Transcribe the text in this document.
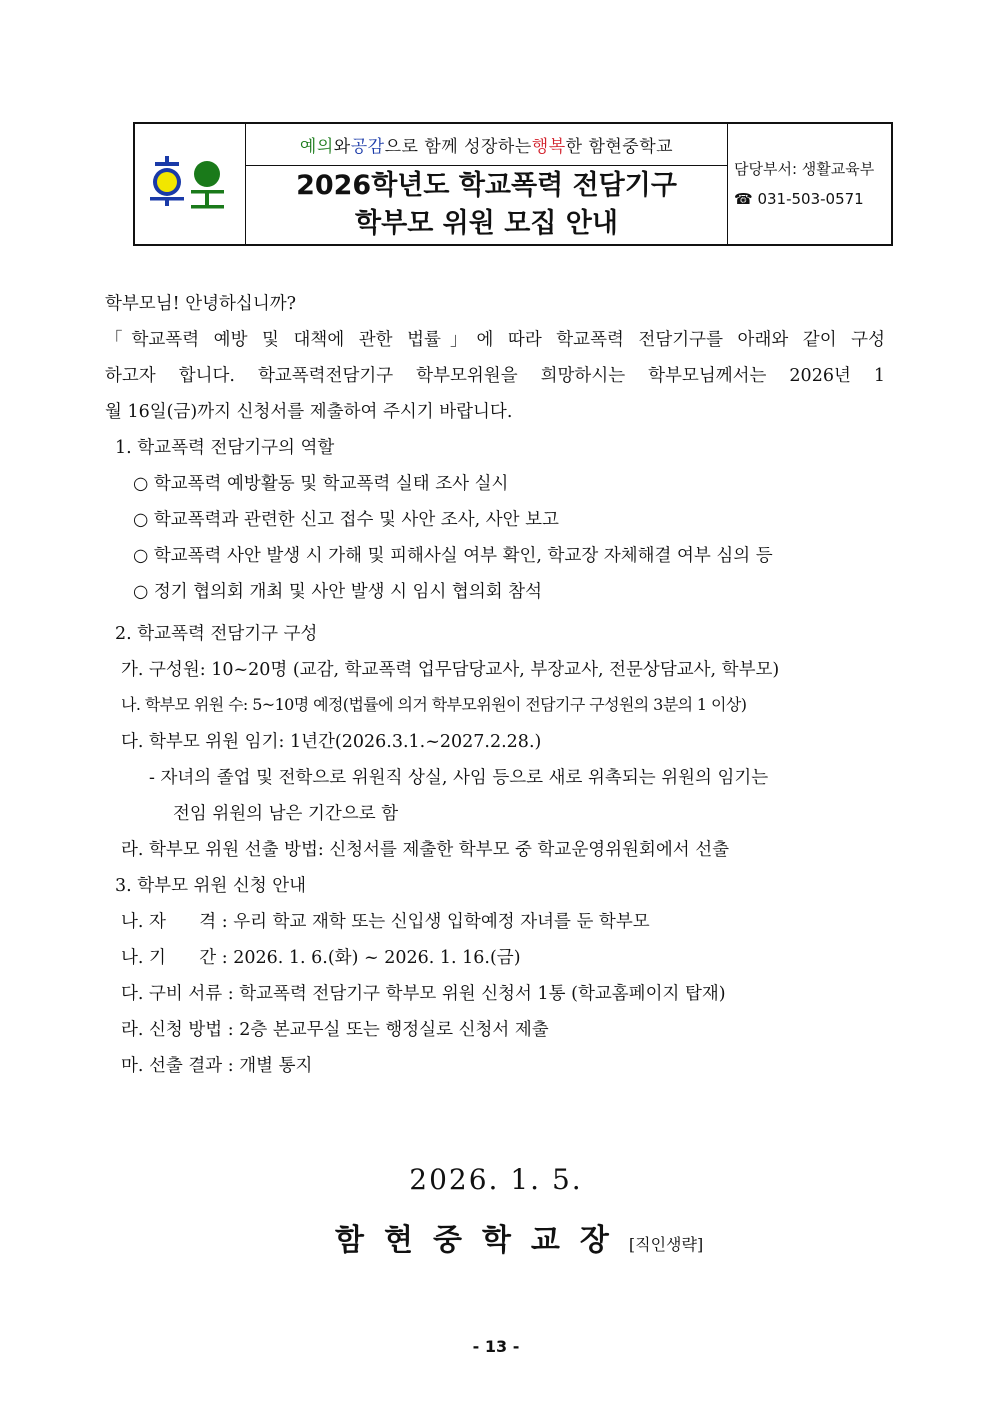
예의 와 공감 으로 함께 성장하는 행복 한 함현중학교
2026학년도 학교폭력 전담기구
학부모 위원 모집 안내
담당부서: 생활교육부
☎ 031-503-0571
학부모님! 안녕하십니까?
「학교폭력 예방 및 대책에 관한 법률」에 따라 학교폭력 전담기구를 아래와 같이 구성
하고자 합니다. 학교폭력전담기구 학부모위원을 희망하시는 학부모님께서는 2026년 1
월 16일(금)까지 신청서를 제출하여 주시기 바랍니다.
1. 학교폭력 전담기구의 역할
○ 학교폭력 예방활동 및 학교폭력 실태 조사 실시
○ 학교폭력과 관련한 신고 접수 및 사안 조사, 사안 보고
○ 학교폭력 사안 발생 시 가해 및 피해사실 여부 확인, 학교장 자체해결 여부 심의 등
○ 정기 협의회 개최 및 사안 발생 시 임시 협의회 참석
2. 학교폭력 전담기구 구성
가. 구성원: 10~20명 (교감, 학교폭력 업무담당교사, 부장교사, 전문상담교사, 학부모)
나. 학부모 위원 수: 5~10명 예정(법률에 의거 학부모위원이 전담기구 구성원의 3분의 1 이상)
다. 학부모 위원 임기: 1년간(2026.3.1.~2027.2.28.)
- 자녀의 졸업 및 전학으로 위원직 상실, 사임 등으로 새로 위촉되는 위원의 임기는
전임 위원의 남은 기간으로 함
라. 학부모 위원 선출 방법: 신청서를 제출한 학부모 중 학교운영위원회에서 선출
3. 학부모 위원 신청 안내
나. 자      격 : 우리 학교 재학 또는 신입생 입학예정 자녀를 둔 학부모
나. 기      간 : 2026. 1. 6.(화) ~ 2026. 1. 16.(금)
다. 구비 서류 : 학교폭력 전담기구 학부모 위원 신청서 1통 (학교홈페이지 탑재)
라. 신청 방법 : 2층 본교무실 또는 행정실로 신청서 제출
마. 선출 결과 : 개별 통지
2026. 1. 5.
함현중학교장[직인생략]
- 13 -
